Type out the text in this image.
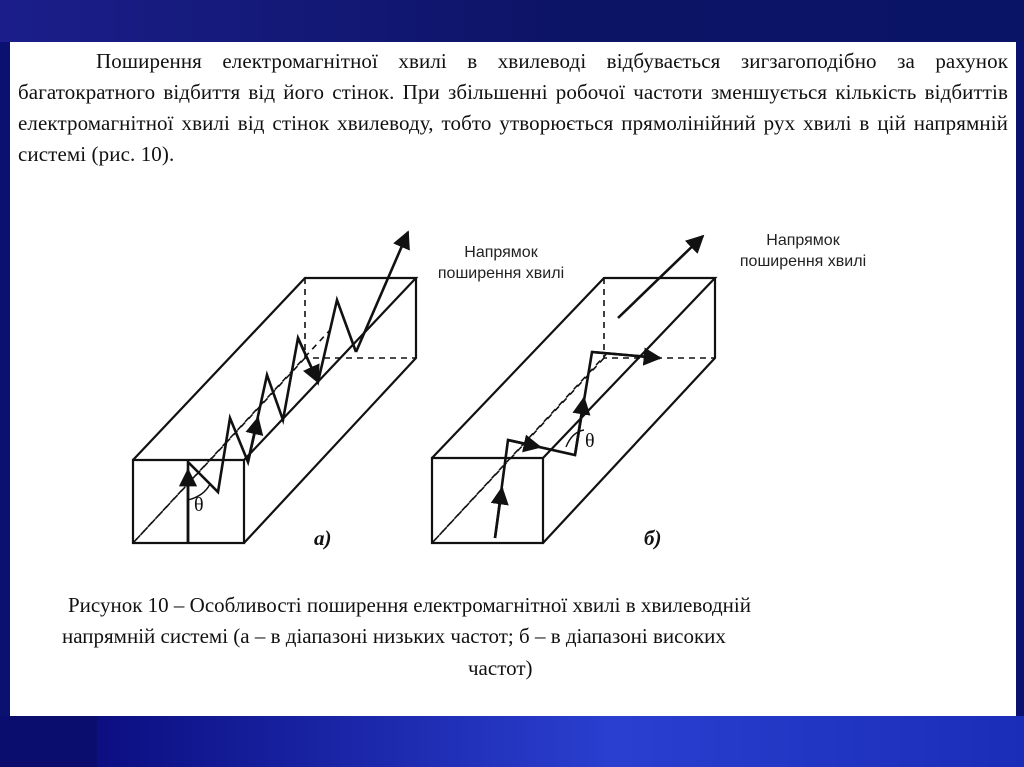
Поширення електромагнітної хвилі в хвилеводі відбувається зигзагоподібно за рахунок багатократного відбиття від його стінок. При збільшенні робочої частоти зменшується кількість відбиттів електромагнітної хвилі від стінок хвилеводу, тобто утворюється прямолінійний рух хвилі в цій напрямній системі (рис. 10).

θ
θ
Напрямок поширення хвилі
Напрямок поширення хвилі
а)	б)

Рисунок 10 – Особливості поширення електромагнітної хвилі в хвилеводній

напрямній системі (а – в діапазоні низьких частот; б – в діапазоні високих

частот)
